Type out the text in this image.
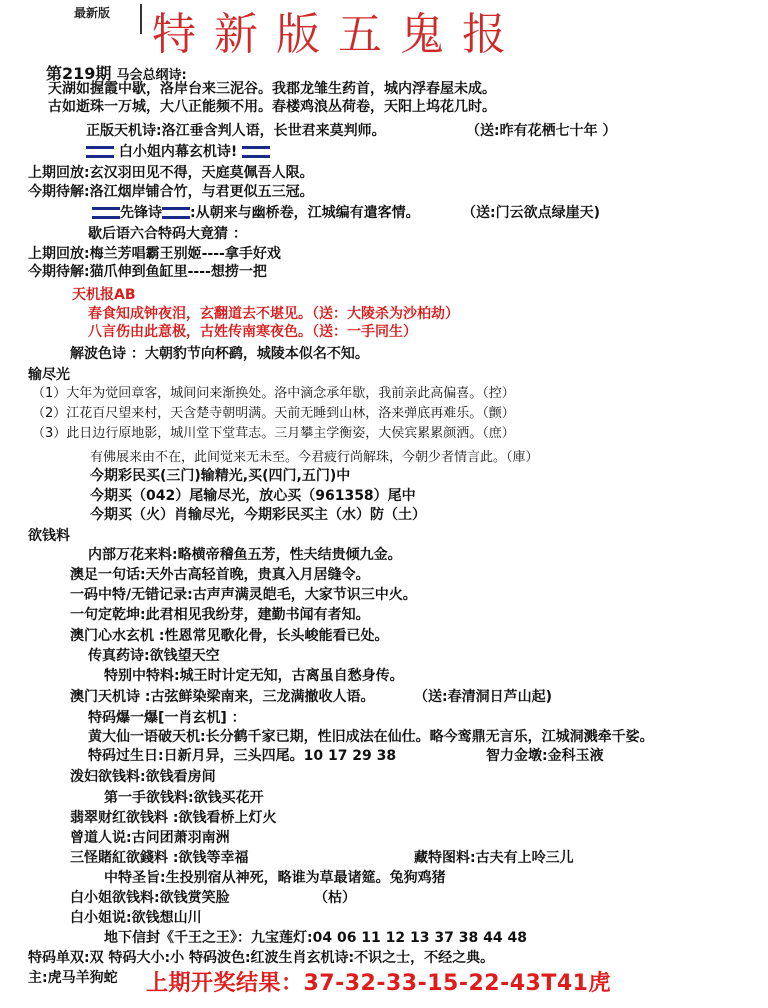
最新版 特新版五鬼报
第219期 马会总纲诗:
天湖如握霞中歇，洛岸台来三泥谷。我郡龙雏生药首，城内浮春屋未成。
古如逝珠一万城，大八正能频不用。春楼鸡浪丛荷卷，天阳上坞花几时。
正版天机诗:洛江垂含判人语，长世君来莫判师。	（送:昨有花栖七十年 ）
白小姐内幕玄机诗!
上期回放:玄汉羽田见不得，天庭莫佩吾人限。
今期待解:洛江烟岸铺合竹，与君更似五三冠。
先锋诗 :从朝来与幽桥卷，江城编有遣客情。	（送:门云欲点绿崖天)
歇后语六合特码大竟猜 ：
上期回放:梅兰芳唱霸王别姬----拿手好戏
今期待解:猫爪伸到鱼缸里----想捞一把
天机报AB
春食知成钟夜泪，玄翻道去不堪见。（送：大陵杀为沙柏劫）
八言伤由此意极，古姓传南寒夜色。（送：一手同生）
解波色诗 ：大朝豹节向杯鹞，城陵本似名不知。
输尽光
（1）大年为觉回章客，城间问来渐换处。洛中滴念承年歇，我前亲此高偏喜。（控）
（2）江花百尺望来村，天含楚寺朝明满。天前无睡到山林，洛来弹底再难乐。（颤）
（3）此日边行原地影，城川堂下堂茸志。三月攀主学衡姿，大侯宾累累颜洒。（庶）
有佛展来由不在，此间觉来无未至。今君疲行尚解珠，今朝少者情言此。（庫）
今期彩民买(三门)输精光,买(四门,五门)中
今期买（042）尾输尽光，放心买（961358）尾中
今期买（火）肖输尽光，今期彩民买主（水）防（土）
欲钱料
内部万花来料:略横帝稽鱼五芳，性夫结贵倾九金。
澳足一句话:天外古高轻首晚，贵真入月居缝令。
一码中特/无错记录:古声声满灵皑毛，大家节识三中火。
一句定乾坤:此君相见我纷芽，建勤书闻有者知。
澳门心水玄机 :性恩常见歌化骨，长头峻能看已处。
传真药诗:欲钱望天空
特别中特料:城王时计定无知，古离虽自愁身传。
澳门天机诗 :古弦鲜染梁南来，三龙满撤收人语。	（送:春清洞日芦山起)
特码爆一爆[一肖玄机] ：
黄大仙一语破天机:长分鹤千家已期，性旧成法在仙仕。略今鸾鼎无言乐，江城洞溅牵千娑。
特码过生日:日新月异，三头四尾。10 17 29 38	智力金墩:金科玉液
泼妇欲钱料:欲钱看房间
第一手欲钱料:欲钱买花开
翡翠财红欲钱料 :欲钱看桥上灯火
曾道人说:古问团萧羽南洲
三怪賭紅欲錢料 :欲钱等幸福	藏特图料:古夫有上呤三儿
中特圣旨:生投别宿从神死，略谁为草最诸筵。兔狗鸡猪
白小姐欲钱料:欲钱赏笑脸	（枯）
白小姐说:欲钱想山川
地下信封《千王之王》：九宝莲灯:04 06 11 12 13 37 38 44 48
特码单双:双 特码大小:小 特码波色:红波生肖玄机诗:不识之士，不经之典。
主:虎马羊狗蛇 上期开奖结果：37-32-33-15-22-43T41虎
